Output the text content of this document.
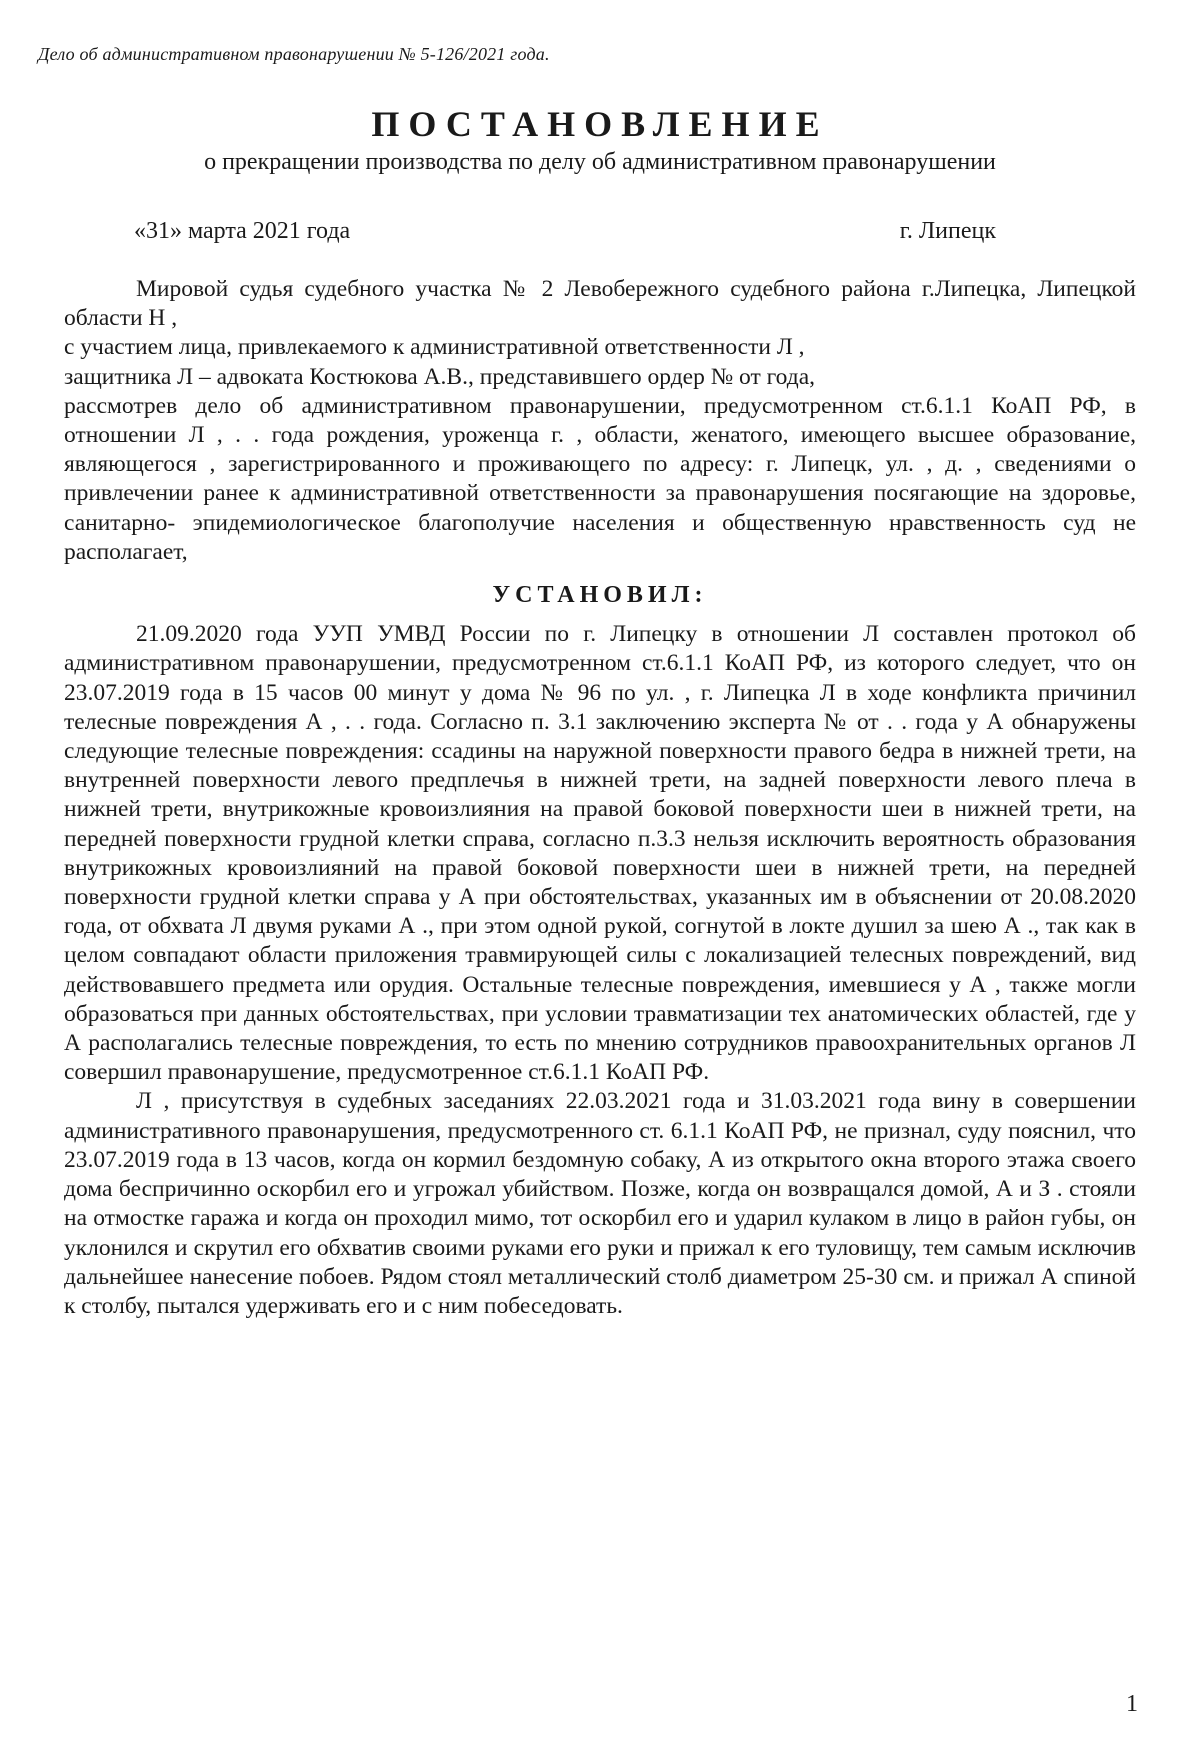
Дело об административном правонарушении № 5-126/2021 года.
ПОСТАНОВЛЕНИЕ
о прекращении производства по делу об административном правонарушении
«31» марта 2021 года	г. Липецк

Мировой судья судебного участка № 2 Левобережного судебного района г.Липецка, Липецкой области Н ,

с участием лица, привлекаемого к административной ответственности Л ,

защитника Л – адвоката Костюкова А.В., представившего ордер № от года,

рассмотрев дело об административном правонарушении, предусмотренном ст.6.1.1 КоАП РФ, в отношении Л , . . года рождения, уроженца г. , области, женатого, имеющего высшее образование, являющегося , зарегистрированного и проживающего по адресу: г. Липецк, ул. , д. , сведениями о привлечении ранее к административной ответственности за правонарушения посягающие на здоровье, санитарно- эпидемиологическое благополучие населения и общественную нравственность суд не располагает,

УСТАНОВИЛ:

21.09.2020 года УУП УМВД России по г. Липецку в отношении Л составлен протокол об административном правонарушении, предусмотренном ст.6.1.1 КоАП РФ, из которого следует, что он 23.07.2019 года в 15 часов 00 минут у дома № 96 по ул. , г. Липецка Л в ходе конфликта причинил телесные повреждения А , . . года. Согласно п. 3.1 заключению эксперта № от . . года у А обнаружены следующие телесные повреждения: ссадины на наружной поверхности правого бедра в нижней трети, на внутренней поверхности левого предплечья в нижней трети, на задней поверхности левого плеча в нижней трети, внутрикожные кровоизлияния на правой боковой поверхности шеи в нижней трети, на передней поверхности грудной клетки справа, согласно п.3.3 нельзя исключить вероятность образования внутрикожных кровоизлияний на правой боковой поверхности шеи в нижней трети, на передней поверхности грудной клетки справа у А при обстоятельствах, указанных им в объяснении от 20.08.2020 года, от обхвата Л двумя руками А ., при этом одной рукой, согнутой в локте душил за шею А ., так как в целом совпадают области приложения травмирующей силы с локализацией телесных повреждений, вид действовавшего предмета или орудия. Остальные телесные повреждения, имевшиеся у А , также могли образоваться при данных обстоятельствах, при условии травматизации тех анатомических областей, где у А располагались телесные повреждения, то есть по мнению сотрудников правоохранительных органов Л совершил правонарушение, предусмотренное ст.6.1.1 КоАП РФ.

Л , присутствуя в судебных заседаниях 22.03.2021 года и 31.03.2021 года вину в совершении административного правонарушения, предусмотренного ст. 6.1.1 КоАП РФ, не признал, суду пояснил, что 23.07.2019 года в 13 часов, когда он кормил бездомную собаку, А из открытого окна второго этажа своего дома беспричинно оскорбил его и угрожал убийством. Позже, когда он возвращался домой, А и З . стояли на отмостке гаража и когда он проходил мимо, тот оскорбил его и ударил кулаком в лицо в район губы, он уклонился и скрутил его обхватив своими руками его руки и прижал к его туловищу, тем самым исключив дальнейшее нанесение побоев. Рядом стоял металлический столб диаметром 25-30 см. и прижал А спиной к столбу, пытался удерживать его и с ним побеседовать.

1
